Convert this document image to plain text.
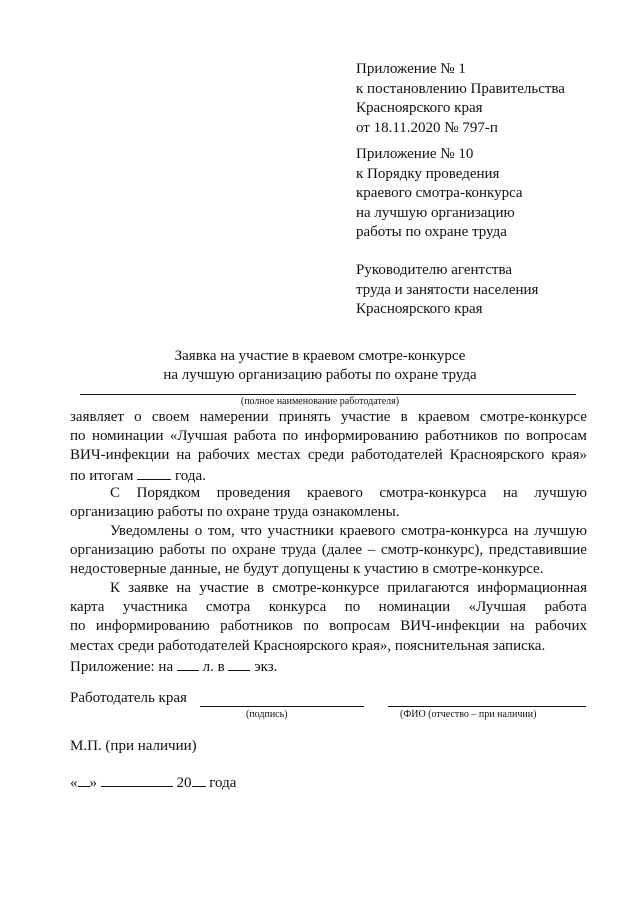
Приложение № 1
к постановлению Правительства
Красноярского края
от 18.11.2020 № 797-п
Приложение № 10
к Порядку проведения
краевого смотра-конкурса
на лучшую организацию
работы по охране труда
Руководителю агентства
труда и занятости населения
Красноярского края
Заявка на участие в краевом смотре-конкурсе
на лучшую организацию работы по охране труда
(полное наименование работодателя)
заявляет о своем намерении принять участие в краевом смотре-конкурсе
по номинации «Лучшая работа по информированию работников по вопросам
ВИЧ-инфекции на рабочих местах среди работодателей Красноярского края»
по итогам	года.
С Порядком проведения краевого смотра-конкурса на лучшую
организацию работы по охране труда ознакомлены.
Уведомлены о том, что участники краевого смотра-конкурса на лучшую
организацию работы по охране труда (далее – смотр-конкурс), представившие
недостоверные данные, не будут допущены к участию в смотре-конкурсе.
К заявке на участие в смотре-конкурсе прилагаются информационная
карта участника смотра конкурса по номинации «Лучшая работа
по информированию работников по вопросам ВИЧ-инфекции на рабочих
местах среди работодателей Красноярского края», пояснительная записка.
Приложение: на л. в экз.
Работодатель края
(подпись)	(ФИО (отчество – при наличии)
М.П. (при наличии)
« »	20 года
